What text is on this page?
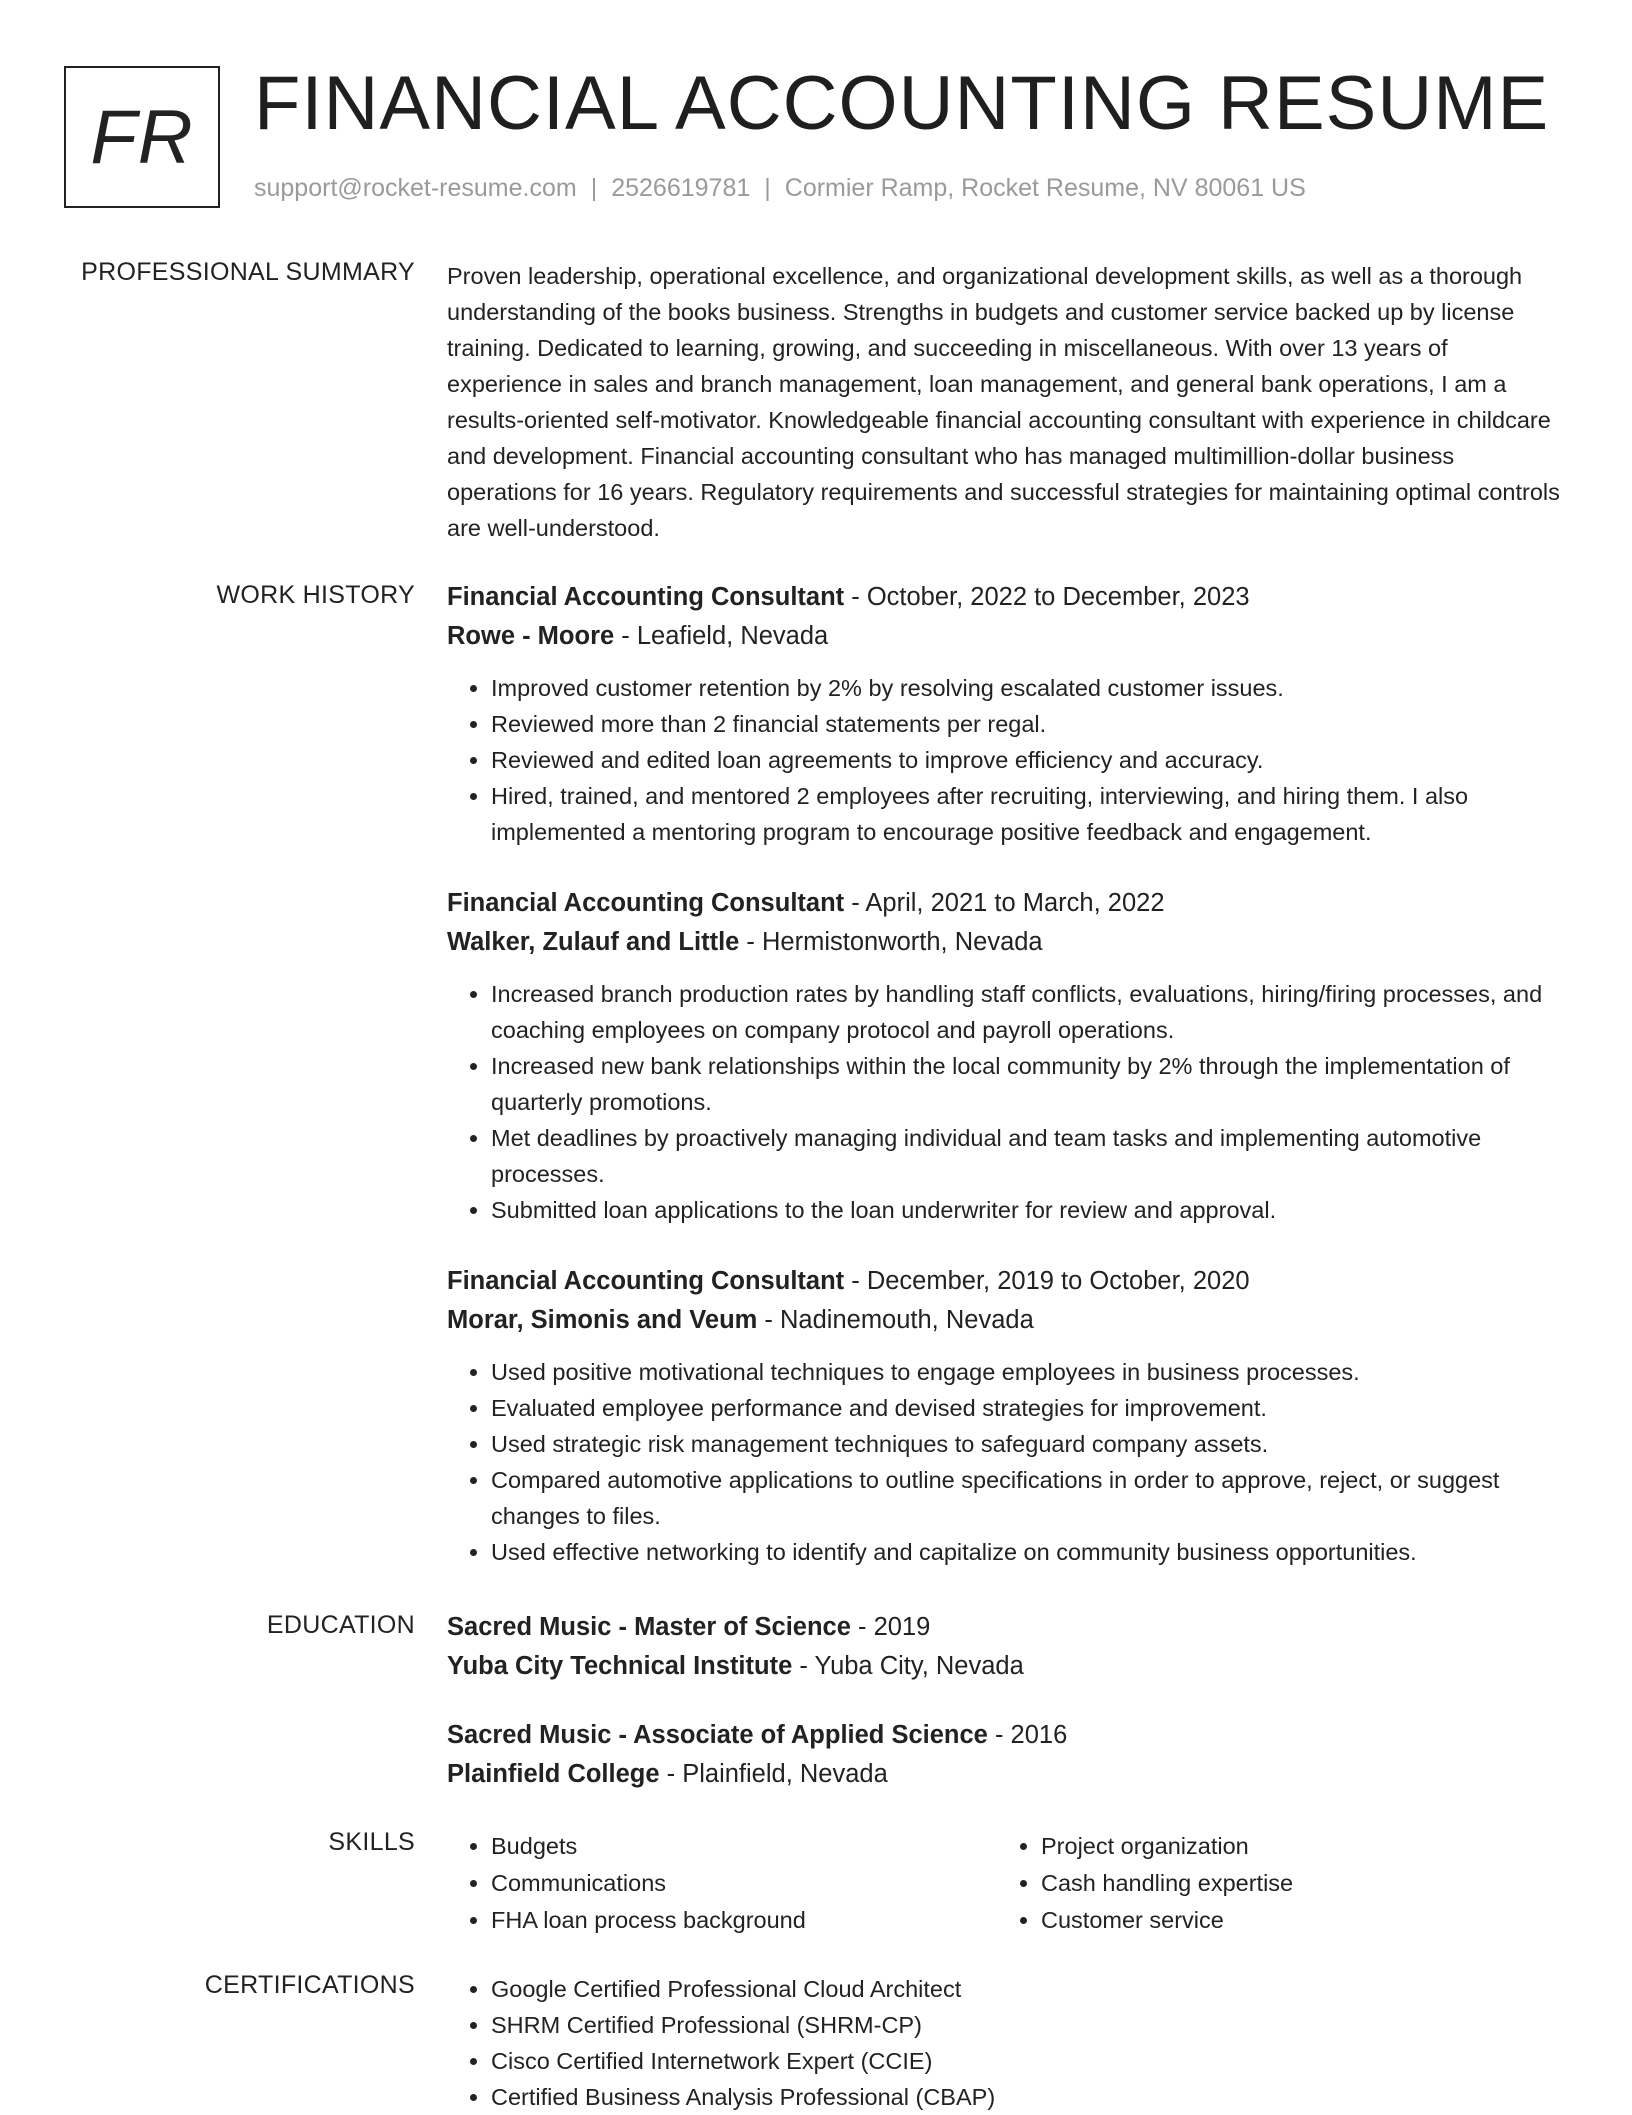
FR FINANCIAL ACCOUNTING RESUME
support@rocket-resume.com | 2526619781 | Cormier Ramp, Rocket Resume, NV 80061 US
PROFESSIONAL SUMMARY Proven leadership, operational excellence, and organizational development skills, as well as a thorough understanding of the books business. Strengths in budgets and customer service backed up by license training. Dedicated to learning, growing, and succeeding in miscellaneous. With over 13 years of experience in sales and branch management, loan management, and general bank operations, I am a results-oriented self-motivator. Knowledgeable financial accounting consultant with experience in childcare and development. Financial accounting consultant who has managed multimillion-dollar business operations for 16 years. Regulatory requirements and successful strategies for maintaining optimal controls are well-understood.

WORK HISTORY Financial Accounting Consultant - October, 2022 to December, 2023
Rowe - Moore - Leafield, Nevada
• Improved customer retention by 2% by resolving escalated customer issues.
• Reviewed more than 2 financial statements per regal.
• Reviewed and edited loan agreements to improve efficiency and accuracy.
• Hired, trained, and mentored 2 employees after recruiting, interviewing, and hiring them. I also implemented a mentoring program to encourage positive feedback and engagement.
Financial Accounting Consultant - April, 2021 to March, 2022
Walker, Zulauf and Little - Hermistonworth, Nevada
• Increased branch production rates by handling staff conflicts, evaluations, hiring/firing processes, and coaching employees on company protocol and payroll operations.
• Increased new bank relationships within the local community by 2% through the implementation of quarterly promotions.
• Met deadlines by proactively managing individual and team tasks and implementing automotive processes.
• Submitted loan applications to the loan underwriter for review and approval.
Financial Accounting Consultant - December, 2019 to October, 2020
Morar, Simonis and Veum - Nadinemouth, Nevada
• Used positive motivational techniques to engage employees in business processes.
• Evaluated employee performance and devised strategies for improvement.
• Used strategic risk management techniques to safeguard company assets.
• Compared automotive applications to outline specifications in order to approve, reject, or suggest changes to files.
• Used effective networking to identify and capitalize on community business opportunities.
EDUCATION Sacred Music - Master of Science - 2019
Yuba City Technical Institute - Yuba City, Nevada
Sacred Music - Associate of Applied Science - 2016
Plainfield College - Plainfield, Nevada
SKILLS	• Budgets
• Communications
• FHA loan process background
• Project organization
• Cash handling expertise
• Customer service
CERTIFICATIONS	• Google Certified Professional Cloud Architect
• SHRM Certified Professional (SHRM-CP)
• Cisco Certified Internetwork Expert (CCIE)
• Certified Business Analysis Professional (CBAP)
